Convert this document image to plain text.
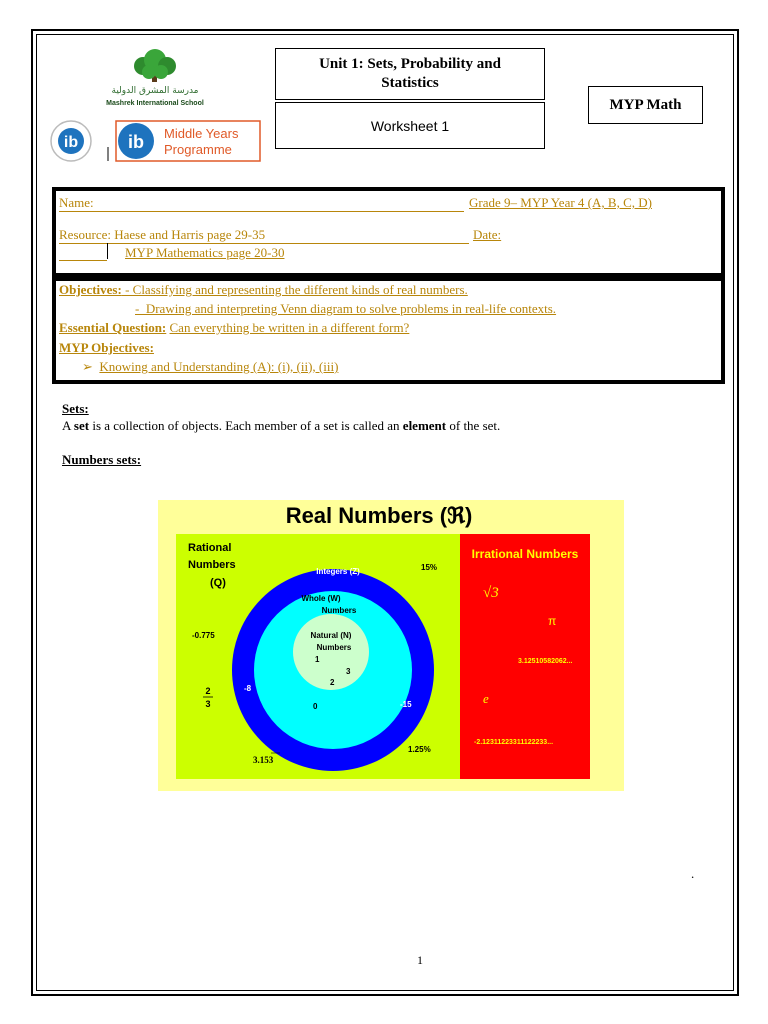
مدرسة المشرق الدولية
Mashrek International School
ib	ib Middle Years
Programme
Unit 1: Sets, Probability and
Statistics
Worksheet 1
MYP Math
Name:	Grade 9– MYP Year 4 (A, B, C, D)
Resource: Haese and Harris page 29-35	Date:
MYP Mathematics page 20-30
Objectives: - Classifying and representing the different kinds of real numbers.
-  Drawing and interpreting Venn diagram to solve problems in real-life contexts.
Essential Question: Can everything be written in a different form?
MYP Objectives:
➢ Knowing and Understanding (A): (i), (ii), (iii)
Sets:
A set is a collection of objects. Each member of a set is called an element of the set.
Numbers sets:
Real Numbers (ℜ)
Rational
Numbers
(Q)
Integers (Z)
Whole (W)
Numbers
Natural (N)
Numbers
Irrational Numbers
15%
-0.775
2
3
-8
-15
0
1
3
2
1.25%
3.153
√3
π
3.12510582062...
e
-2.12311223311122233...
.
1
